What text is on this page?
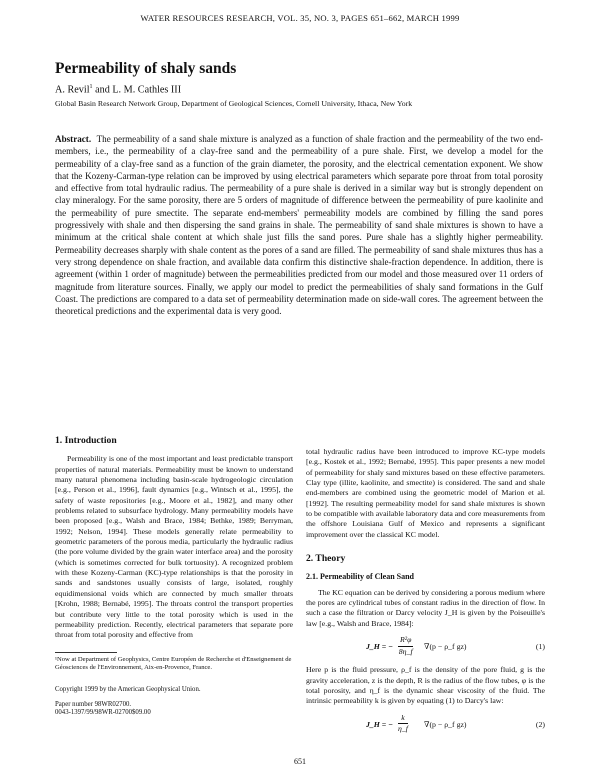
WATER RESOURCES RESEARCH, VOL. 35, NO. 3, PAGES 651–662, MARCH 1999
Permeability of shaly sands
A. Revil$^1$ and L. M. Cathles III
Global Basin Research Network Group, Department of Geological Sciences, Cornell University, Ithaca, New York
Abstract. The permeability of a sand shale mixture is analyzed as a function of shale fraction and the permeability of the two end-members, i.e., the permeability of a clay-free sand and the permeability of a pure shale. First, we develop a model for the permeability of a clay-free sand as a function of the grain diameter, the porosity, and the electrical cementation exponent. We show that the Kozeny-Carman-type relation can be improved by using electrical parameters which separate pore throat from total porosity and effective from total hydraulic radius. The permeability of a pure shale is derived in a similar way but is strongly dependent on clay mineralogy. For the same porosity, there are 5 orders of magnitude of difference between the permeability of pure kaolinite and the permeability of pure smectite. The separate end-members' permeability models are combined by filling the sand pores progressively with shale and then dispersing the sand grains in shale. The permeability of sand shale mixtures is shown to have a minimum at the critical shale content at which shale just fills the sand pores. Pure shale has a slightly higher permeability. Permeability decreases sharply with shale content as the pores of a sand are filled. The permeability of sand shale mixtures thus has a very strong dependence on shale fraction, and available data confirm this distinctive shale-fraction dependence. In addition, there is agreement (within 1 order of magnitude) between the permeabilities predicted from our model and those measured over 11 orders of magnitude from literature sources. Finally, we apply our model to predict the permeabilities of shaly sand formations in the Gulf Coast. The predictions are compared to a data set of permeability determination made on side-wall cores. The agreement between the theoretical predictions and the experimental data is very good.
1. Introduction

Permeability is one of the most important and least predictable transport properties of natural materials. Permeability must be known to understand many natural phenomena including basin-scale hydrogeologic circulation [e.g., Person et al., 1996], fault dynamics [e.g., Wintsch et al., 1995], the safety of waste repositories [e.g., Moore et al., 1982], and many other problems related to subsurface hydrology. Many permeability models have been proposed [e.g., Walsh and Brace, 1984; Bethke, 1989; Berryman, 1992; Nelson, 1994]. These models generally relate permeability to geometric parameters of the porous media, particularly the hydraulic radius (the pore volume divided by the grain water interface area) and the porosity (which is sometimes corrected for bulk tortuosity). A recognized problem with these Kozeny-Carman (KC)-type relationships is that the porosity in sands and sandstones usually consists of large, isolated, roughly equidimensional voids which are connected by much smaller throats [Krohn, 1988; Bernabé, 1995]. The throats control the transport properties but contribute very little to the total porosity which is used in the permeability prediction. Recently, electrical parameters that separate pore throat from total porosity and effective from

total hydraulic radius have been introduced to improve KC-type models [e.g., Kostek et al., 1992; Bernabé, 1995]. This paper presents a new model of permeability for shaly sand mixtures based on these effective parameters. Clay type (illite, kaolinite, and smectite) is considered. The sand and shale end-members are combined using the geometric model of Marion et al. [1992]. The resulting permeability model for sand shale mixtures is shown to be compatible with available laboratory data and core measurements from the offshore Louisiana Gulf of Mexico and represents a significant improvement over the classical KC model.

2. Theory
2.1. Permeability of Clean Sand

The KC equation can be derived by considering a porous medium where the pores are cylindrical tubes of constant radius in the direction of flow. In such a case the filtration or Darcy velocity J_H is given by the Poiseuille's law [e.g., Walsh and Brace, 1984]:

J_H = − $\frac{\text{R²φ}}{8\eta\_f} \nabla(p$ − ρ_f gz)	(1)

Here p is the fluid pressure, ρ_f is the density of the pore fluid, g is the gravity acceleration, z is the depth, R is the radius of the flow tubes, φ is the total porosity, and η_f is the dynamic shear viscosity of the fluid. The intrinsic permeability k is given by equating (1) to Darcy's law:

J_H = − $\frac{k}{\eta\_f} \nabla(p$ − ρ_f gz)	(2)
¹Now at Department of Geophysics, Centre Européen de Recherche et d'Enseignement de Géosciences de l'Environnement, Aix-en-Provence, France.
Copyright 1999 by the American Geophysical Union.
Paper number 98WR02700.
0043-1397/99/98WR-02700$09.00
651
